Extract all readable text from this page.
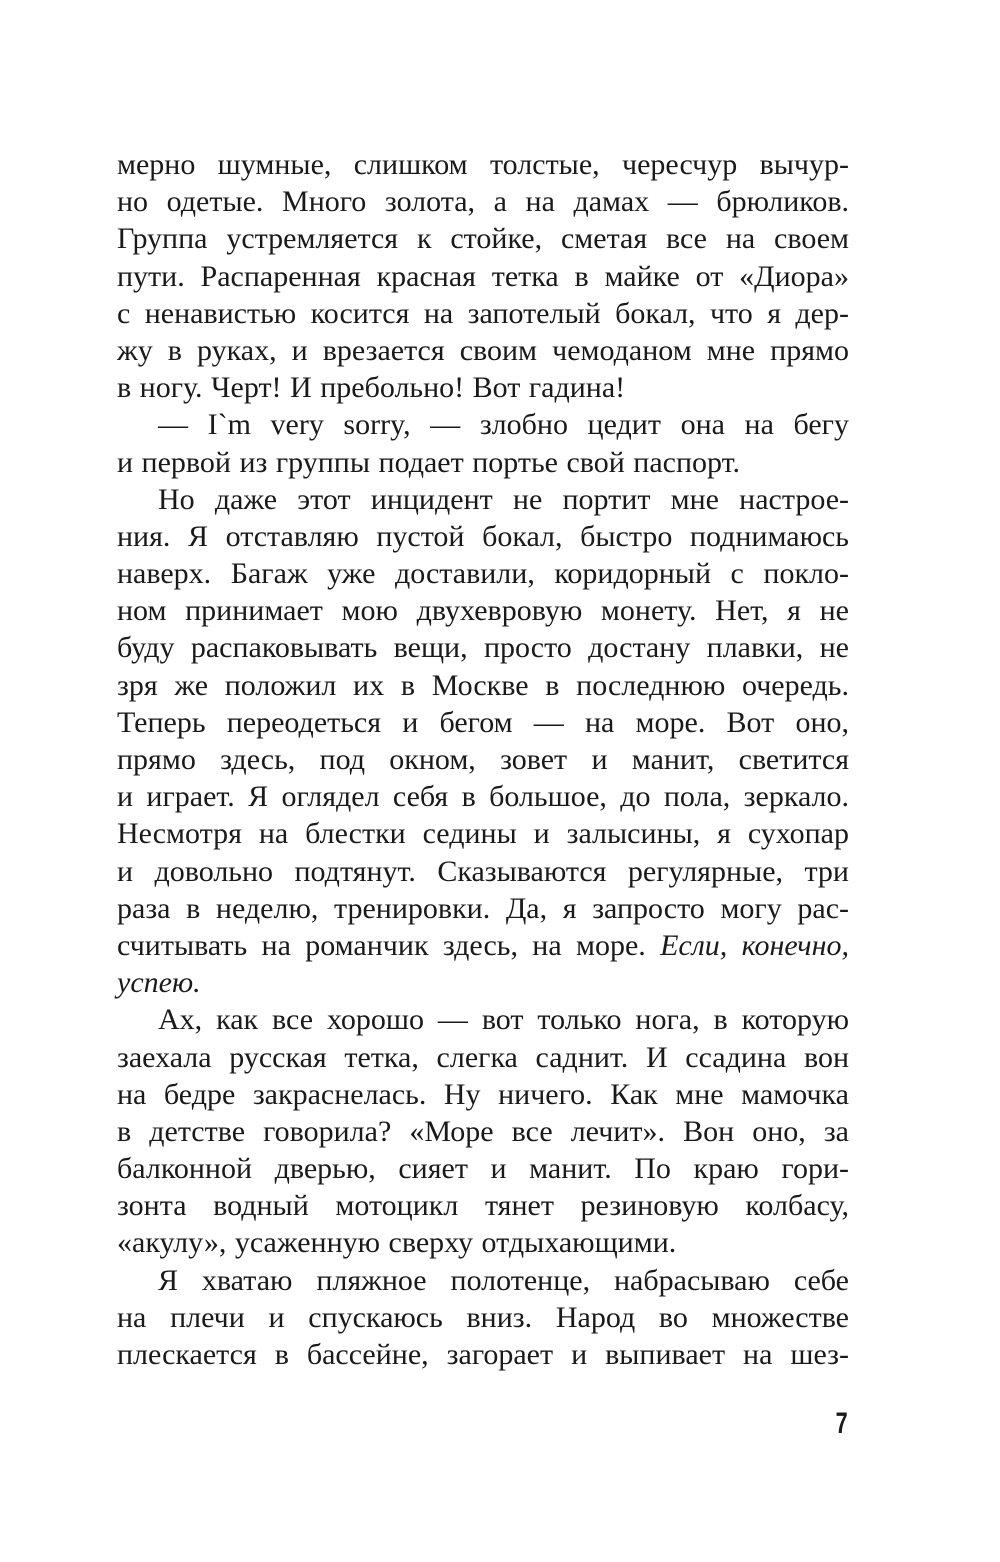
мерно шумные, слишком толстые, чересчур вычур-
но одетые. Много золота, а на дамах — брюликов.
Группа устремляется к стойке, сметая все на своем
пути. Распаренная красная тетка в майке от «Диора»
с ненавистью косится на запотелый бокал, что я дер-
жу в руках, и врезается своим чемоданом мне прямо
в ногу. Черт! И пребольно! Вот гадина!
— I`m very sorry, — злобно цедит она на бегу
и первой из группы подает портье свой паспорт.
Но даже этот инцидент не портит мне настрое-
ния. Я отставляю пустой бокал, быстро поднимаюсь
наверх. Багаж уже доставили, коридорный с покло-
ном принимает мою двухевровую монету. Нет, я не
буду распаковывать вещи, просто достану плавки, не
зря же положил их в Москве в последнюю очередь.
Теперь переодеться и бегом — на море. Вот оно,
прямо здесь, под окном, зовет и манит, светится
и играет. Я оглядел себя в большое, до пола, зеркало.
Несмотря на блестки седины и залысины, я сухопар
и довольно подтянут. Сказываются регулярные, три
раза в неделю, тренировки. Да, я запросто могу рас-
считывать на романчик здесь, на море. Если, конечно,
успею.
Ах, как все хорошо — вот только нога, в которую
заехала русская тетка, слегка саднит. И ссадина вон
на бедре закраснелась. Ну ничего. Как мне мамочка
в детстве говорила? «Море все лечит». Вон оно, за
балконной дверью, сияет и манит. По краю гори-
зонта водный мотоцикл тянет резиновую колбасу,
«акулу», усаженную сверху отдыхающими.
Я хватаю пляжное полотенце, набрасываю себе
на плечи и спускаюсь вниз. Народ во множестве
плескается в бассейне, загорает и выпивает на шез-
7
